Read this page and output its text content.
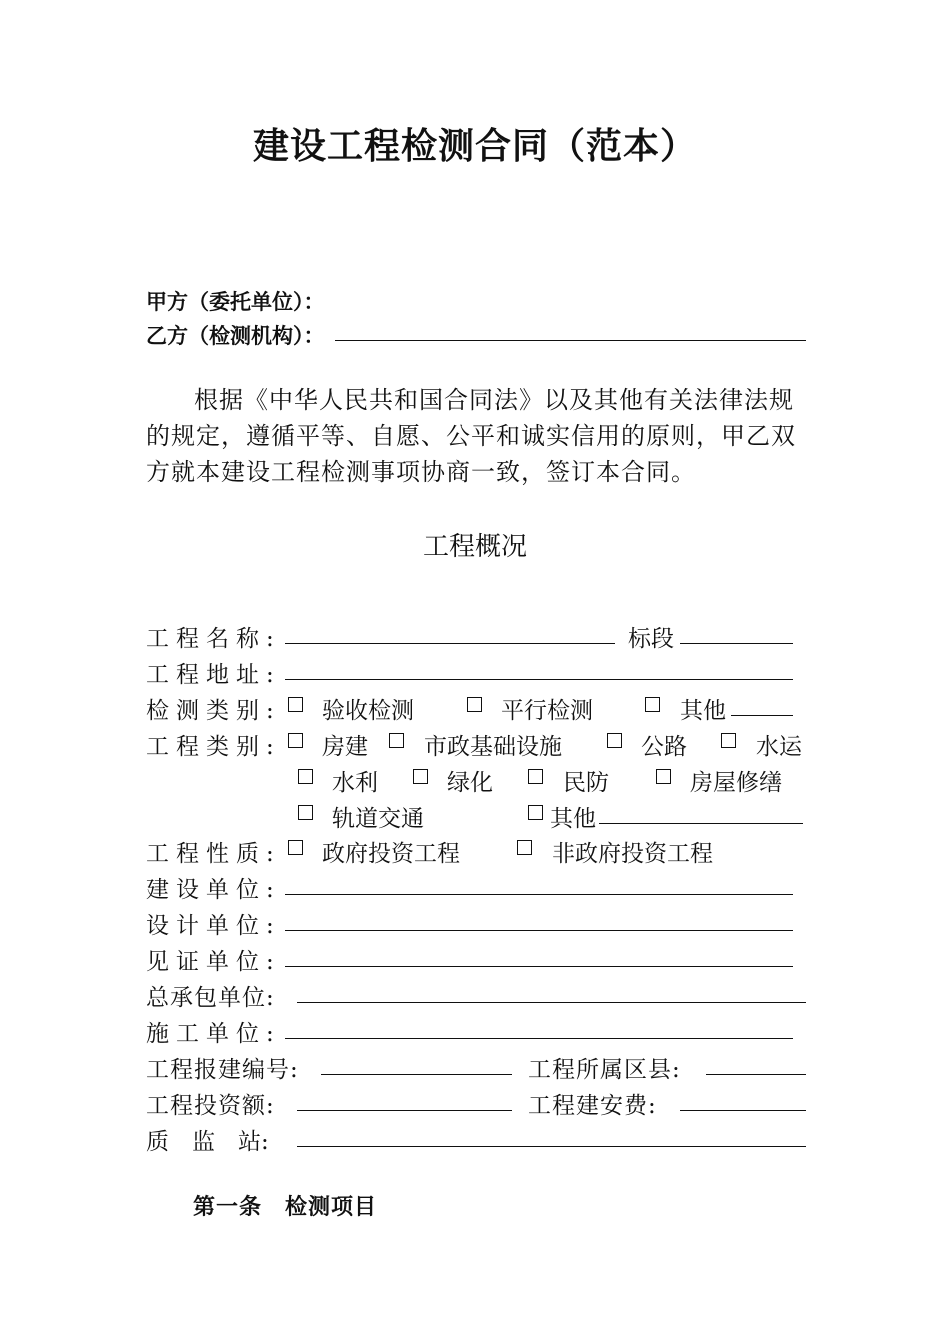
建设工程检测合同（范本）
甲方（委托单位）：
乙方（检测机构）：
根据《中华人民共和国合同法》以及其他有关法律法规的规定，遵循平等、自愿、公平和诚实信用的原则，甲乙双方就本建设工程检测事项协商一致，签订本合同。
工程概况
工程名称:	标段
工程地址:
检测类别: 验收检测	平行检测	其他
工程类别: 房建 市政基础设施	公路	水运
水利	绿化	民防	房屋修缮
轨道交通	其他
工程性质: 政府投资工程	非政府投资工程
建设单位:
设计单位:
见证单位:
总承包单位:
施工单位:
工程报建编号:	工程所属区县:
工程投资额:	工程建安费:
质　监　站:
第一条　检测项目
